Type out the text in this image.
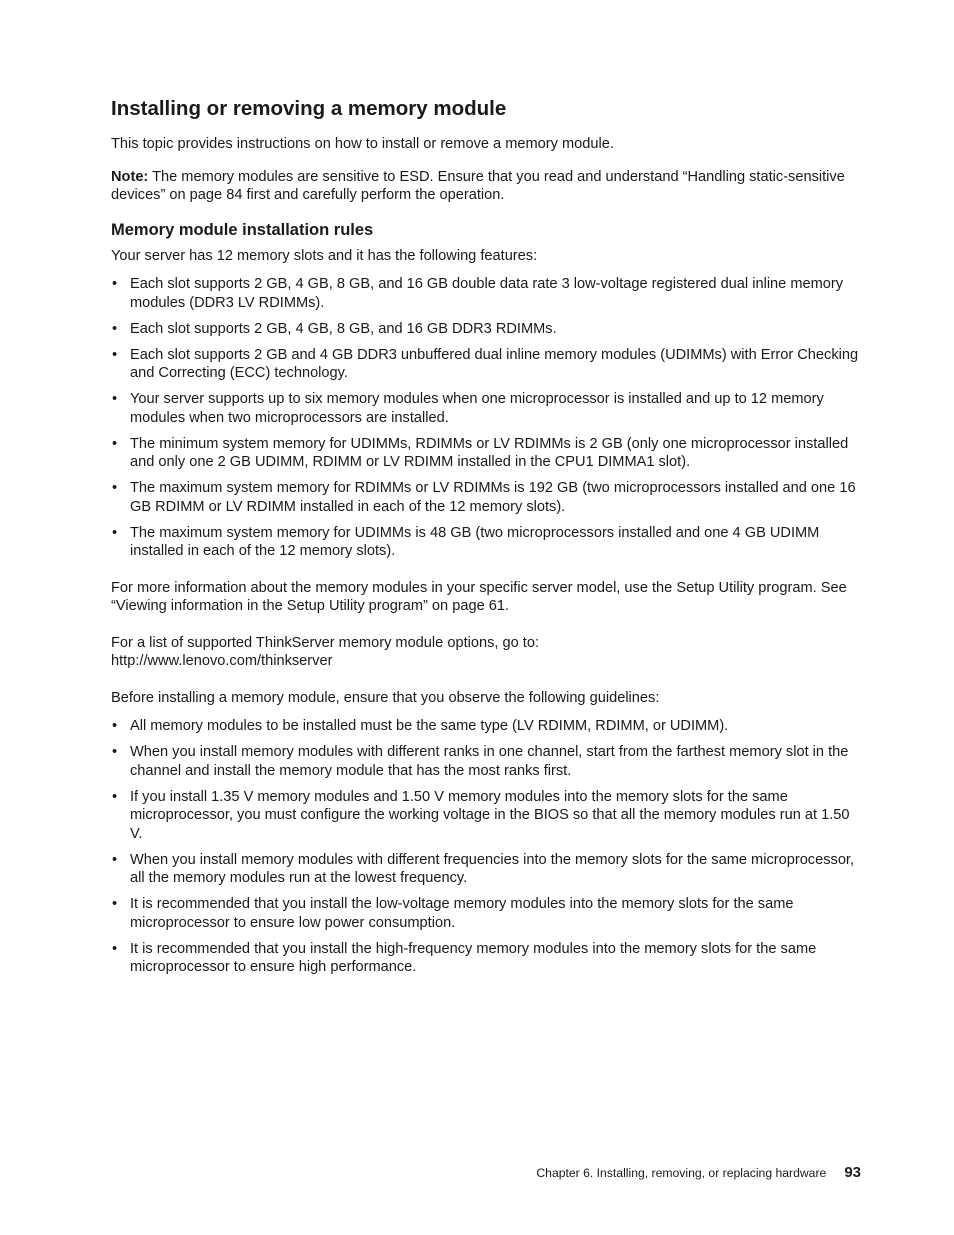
Installing or removing a memory module

This topic provides instructions on how to install or remove a memory module.

Note: The memory modules are sensitive to ESD. Ensure that you read and understand “Handling static-sensitive devices” on page 84 first and carefully perform the operation.

Memory module installation rules

Your server has 12 memory slots and it has the following features:

• Each slot supports 2 GB, 4 GB, 8 GB, and 16 GB double data rate 3 low-voltage registered dual inline memory modules (DDR3 LV RDIMMs).
• Each slot supports 2 GB, 4 GB, 8 GB, and 16 GB DDR3 RDIMMs.
• Each slot supports 2 GB and 4 GB DDR3 unbuffered dual inline memory modules (UDIMMs) with Error Checking and Correcting (ECC) technology.
• Your server supports up to six memory modules when one microprocessor is installed and up to 12 memory modules when two microprocessors are installed.
• The minimum system memory for UDIMMs, RDIMMs or LV RDIMMs is 2 GB (only one microprocessor installed and only one 2 GB UDIMM, RDIMM or LV RDIMM installed in the CPU1 DIMMA1 slot).
• The maximum system memory for RDIMMs or LV RDIMMs is 192 GB (two microprocessors installed and one 16 GB RDIMM or LV RDIMM installed in each of the 12 memory slots).
• The maximum system memory for UDIMMs is 48 GB (two microprocessors installed and one 4 GB UDIMM installed in each of the 12 memory slots).

For more information about the memory modules in your specific server model, use the Setup Utility program. See “Viewing information in the Setup Utility program” on page 61.

For a list of supported ThinkServer memory module options, go to:
http://www.lenovo.com/thinkserver

Before installing a memory module, ensure that you observe the following guidelines:

• All memory modules to be installed must be the same type (LV RDIMM, RDIMM, or UDIMM).
• When you install memory modules with different ranks in one channel, start from the farthest memory slot in the channel and install the memory module that has the most ranks first.
• If you install 1.35 V memory modules and 1.50 V memory modules into the memory slots for the same microprocessor, you must configure the working voltage in the BIOS so that all the memory modules run at 1.50 V.
• When you install memory modules with different frequencies into the memory slots for the same microprocessor, all the memory modules run at the lowest frequency.
• It is recommended that you install the low-voltage memory modules into the memory slots for the same microprocessor to ensure low power consumption.
• It is recommended that you install the high-frequency memory modules into the memory slots for the same microprocessor to ensure high performance.
Chapter 6. Installing, removing, or replacing hardware 93
